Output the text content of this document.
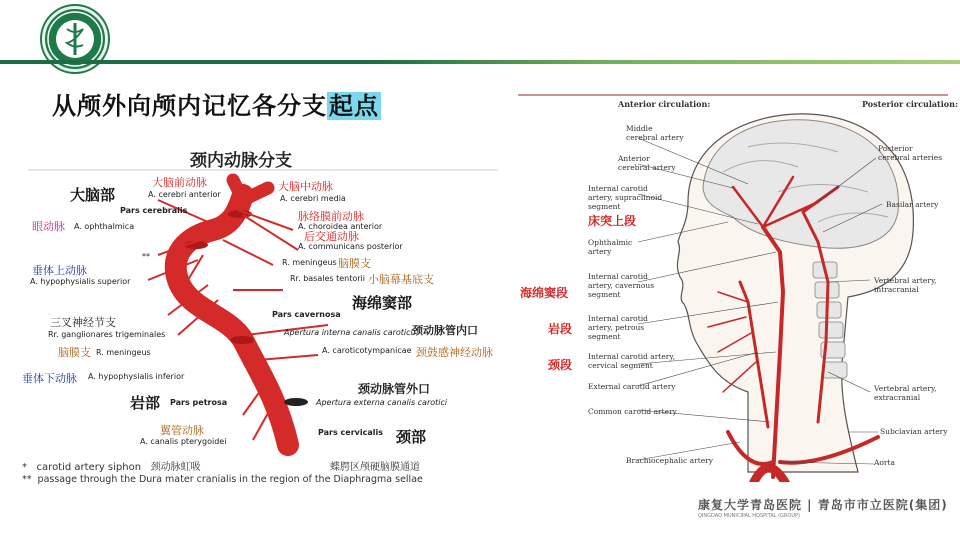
从颅外向颅内记忆各分支起点
颈内动脉分支
大脑部
大脑前动脉
A. cerebri anterior
大脑中动脉
A. cerebri media
Pars cerebralis
眼动脉 A. ophthalmica
脉络膜前动脉
A. choroidea anterior
后交通动脉
A. communicans posterior
**
垂体上动脉
A. hypophysialis superior
脑膜支
R. meningeus
Rr. basales tentorii 小脑幕基底支
海绵窦部
Pars cavernosa
三叉神经节支
Rr. ganglionares trigeminales	Apertura interna canalis carotici 颈动脉管内口
脑膜支 R. meningeus	A. caroticotympanicae 颈鼓感神经动脉
垂体下动脉 A. hypophysialis inferior
颈动脉管外口
Apertura externa canalis carotici
岩部 Pars petrosa
翼管动脉
A. canalis pterygoidei
Pars cervicalis 颈部
* carotid artery siphon 颈动脉虹吸	蝶腭区颅硬脑膜通道
** passage through the Dura mater cranialis in the region of the Diaphragma sellae
Anterior circulation:	Posterior circulation:
Middle
cerebral artery
Anterior
cerebral artery
Internal carotid
artery, supraclinoid
segment
床突上段
Ophthalmic
artery
Internal carotid
artery, cavernous
segment
海绵窦段
Internal carotid
artery, petrous
segment
岩段
Internal carotid artery,
cervical segment
颈段
External carotid artery
Common carotid artery
Brachiocephalic artery
Posterior
cerebral arteries
Basilar artery
Vertebral artery,
intracranial
Vertebral artery,
extracranial
Subclavian artery
Aorta
康复大学青岛医院 | 青岛市市立医院(集团)
QINGDAO MUNICIPAL HOSPITAL (GROUP)
